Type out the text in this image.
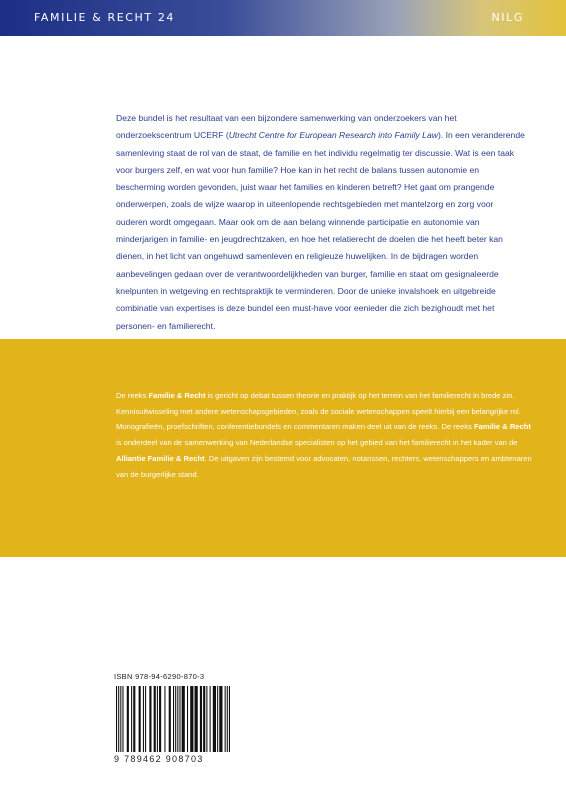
FAMILIE & RECHT 24	NILG

Deze bundel is het resultaat van een bijzondere samenwerking van onderzoekers van het onderzoekscentrum UCERF (Utrecht Centre for European Research into Family Law). In een veranderende samenleving staat de rol van de staat, de familie en het individu regelmatig ter discussie. Wat is een taak voor burgers zelf, en wat voor hun familie? Hoe kan in het recht de balans tussen autonomie en bescherming worden gevonden, juist waar het families en kinderen betreft? Het gaat om prangende onderwerpen, zoals de wijze waarop in uiteenlopende rechtsgebieden met mantelzorg en zorg voor ouderen wordt omgegaan. Maar ook om de aan belang winnende participatie en autonomie van minderjarigen in familie- en jeugdrechtzaken, en hoe het relatierecht de doelen die het heeft beter kan dienen, in het licht van ongehuwd samenleven en religieuze huwelijken. In de bijdragen worden aanbevelingen gedaan over de verantwoordelijkheden van burger, familie en staat om gesignaleerde knelpunten in wetgeving en rechtspraktijk te verminderen. Door de unieke invalshoek en uitgebreide combinatie van expertises is deze bundel een must-have voor eenieder die zich bezighoudt met het personen- en familierecht.

De reeks Familie & Recht is gericht op debat tussen theorie en praktijk op het terrein van het familierecht in brede zin. Kennisuitwisseling met andere wetenschapsgebieden, zoals de sociale wetenschappen speelt hierbij een belangrijke rol. Monografieën, proefschriften, conferentiebundels en commentaren maken deel uit van de reeks. De reeks Familie & Recht is onderdeel van de samenwerking van Nederlandse specialisten op het gebied van het familierecht in het kader van de Alliantie Familie & Recht. De uitgaven zijn bestemd voor advocaten, notarissen, rechters, wetenschappers en ambtenaren van de burgerlijke stand.

ISBN 978-94-6290-870-3
9 789462 908703
